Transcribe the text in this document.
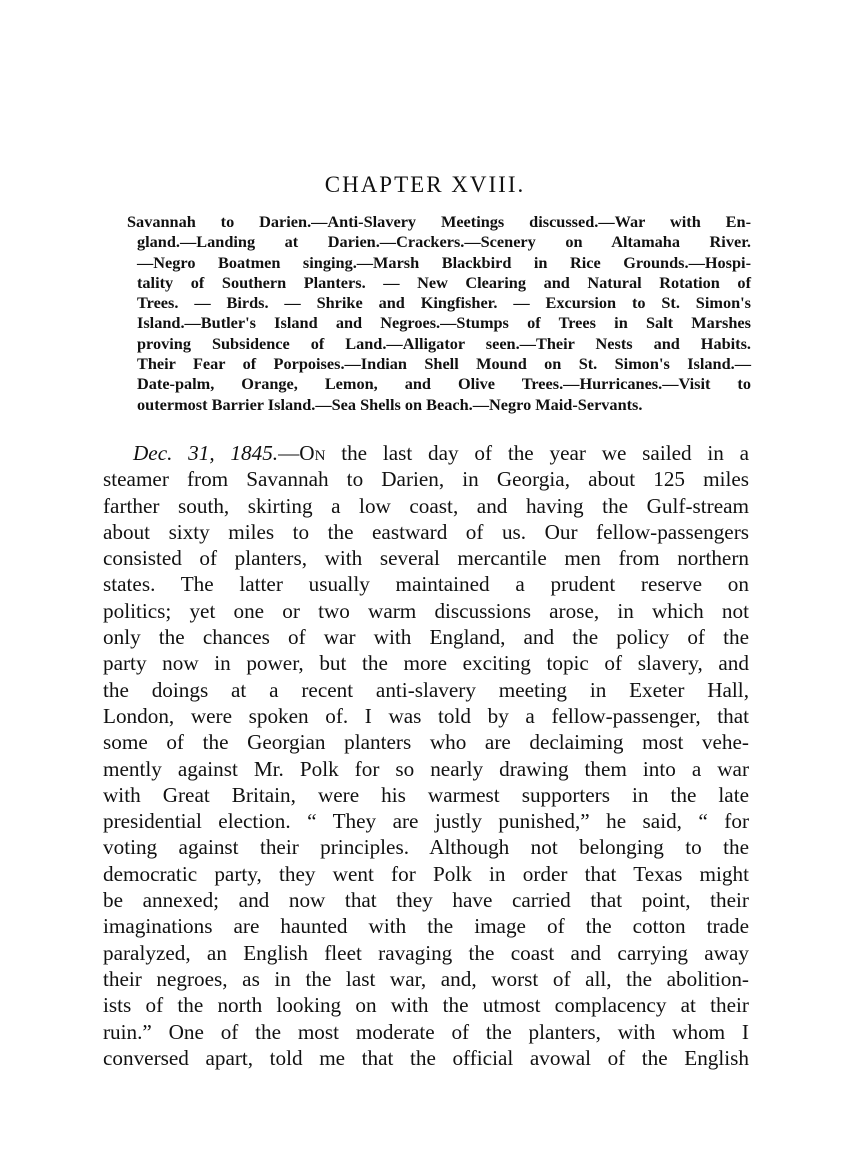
CHAPTER XVIII.
Savannah to Darien.—Anti-Slavery Meetings discussed.—War with En-
gland.—Landing at Darien.—Crackers.—Scenery on Altamaha River.
—Negro Boatmen singing.—Marsh Blackbird in Rice Grounds.—Hospi-
tality of Southern Planters. — New Clearing and Natural Rotation of
Trees. — Birds. — Shrike and Kingfisher. — Excursion to St. Simon's
Island.—Butler's Island and Negroes.—Stumps of Trees in Salt Marshes
proving Subsidence of Land.—Alligator seen.—Their Nests and Habits.
Their Fear of Porpoises.—Indian Shell Mound on St. Simon's Island.—
Date-palm, Orange, Lemon, and Olive Trees.—Hurricanes.—Visit to
outermost Barrier Island.—Sea Shells on Beach.—Negro Maid-Servants.
Dec. 31, 1845.—On the last day of the year we sailed in a
steamer from Savannah to Darien, in Georgia, about 125 miles
farther south, skirting a low coast, and having the Gulf-stream
about sixty miles to the eastward of us. Our fellow-passengers
consisted of planters, with several mercantile men from northern
states. The latter usually maintained a prudent reserve on
politics; yet one or two warm discussions arose, in which not
only the chances of war with England, and the policy of the
party now in power, but the more exciting topic of slavery, and
the doings at a recent anti-slavery meeting in Exeter Hall,
London, were spoken of. I was told by a fellow-passenger, that
some of the Georgian planters who are declaiming most vehe-
mently against Mr. Polk for so nearly drawing them into a war
with Great Britain, were his warmest supporters in the late
presidential election. “ They are justly punished,” he said, “ for
voting against their principles. Although not belonging to the
democratic party, they went for Polk in order that Texas might
be annexed; and now that they have carried that point, their
imaginations are haunted with the image of the cotton trade
paralyzed, an English fleet ravaging the coast and carrying away
their negroes, as in the last war, and, worst of all, the abolition-
ists of the north looking on with the utmost complacency at their
ruin.” One of the most moderate of the planters, with whom I
conversed apart, told me that the official avowal of the English
